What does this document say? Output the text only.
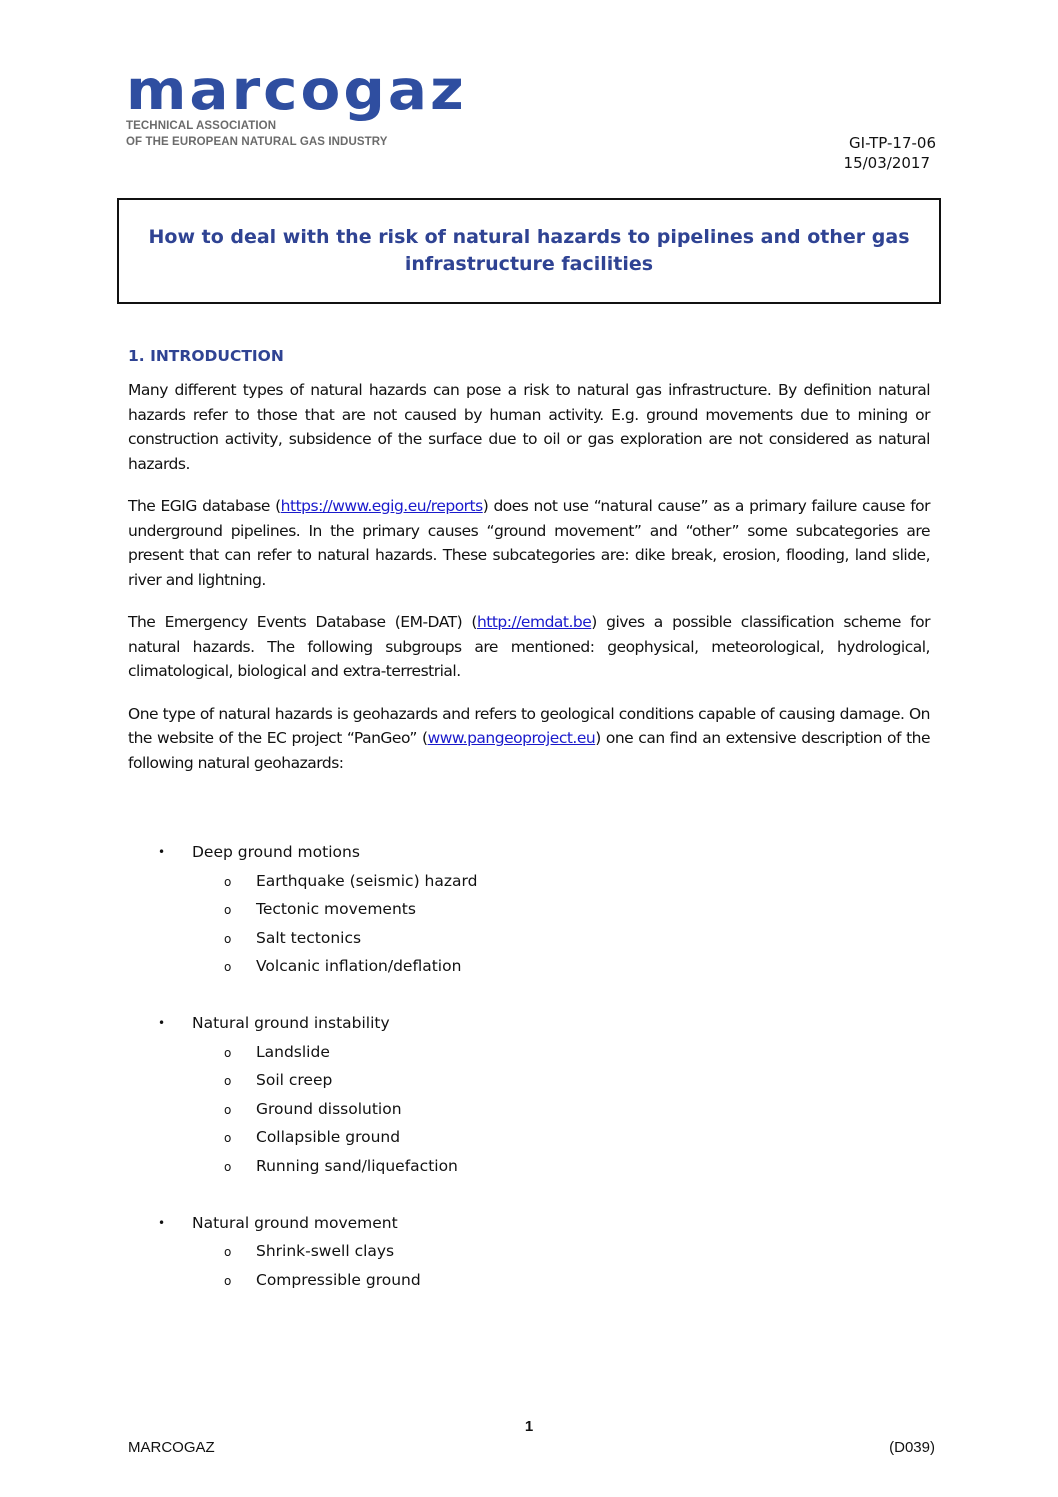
marcogaz
TECHNICAL ASSOCIATION
OF THE EUROPEAN NATURAL GAS INDUSTRY	GI-TP-17-06
15/03/2017
How to deal with the risk of natural hazards to pipelines and other gas infrastructure facilities
1. INTRODUCTION

Many different types of natural hazards can pose a risk to natural gas infrastructure. By definition natural hazards refer to those that are not caused by human activity. E.g. ground movements due to mining or construction activity, subsidence of the surface due to oil or gas exploration are not considered as natural hazards.

The EGIG database (https://www.egig.eu/reports) does not use “natural cause” as a primary failure cause for underground pipelines. In the primary causes “ground movement” and “other” some subcategories are present that can refer to natural hazards. These subcategories are: dike break, erosion, flooding, land slide, river and lightning.

The Emergency Events Database (EM-DAT) (http://emdat.be) gives a possible classification scheme for natural hazards. The following subgroups are mentioned: geophysical, meteorological, hydrological, climatological, biological and extra-terrestrial.

One type of natural hazards is geohazards and refers to geological conditions capable of causing damage. On the website of the EC project “PanGeo” (www.pangeoproject.eu) one can find an extensive description of the following natural geohazards:

• Deep ground motions
o Earthquake (seismic) hazard
o Tectonic movements
o Salt tectonics
o Volcanic inflation/deflation
• Natural ground instability
o Landslide
o Soil creep
o Ground dissolution
o Collapsible ground
o Running sand/liquefaction
• Natural ground movement
o Shrink-swell clays
o Compressible ground
1
MARCOGAZ	(D039)
